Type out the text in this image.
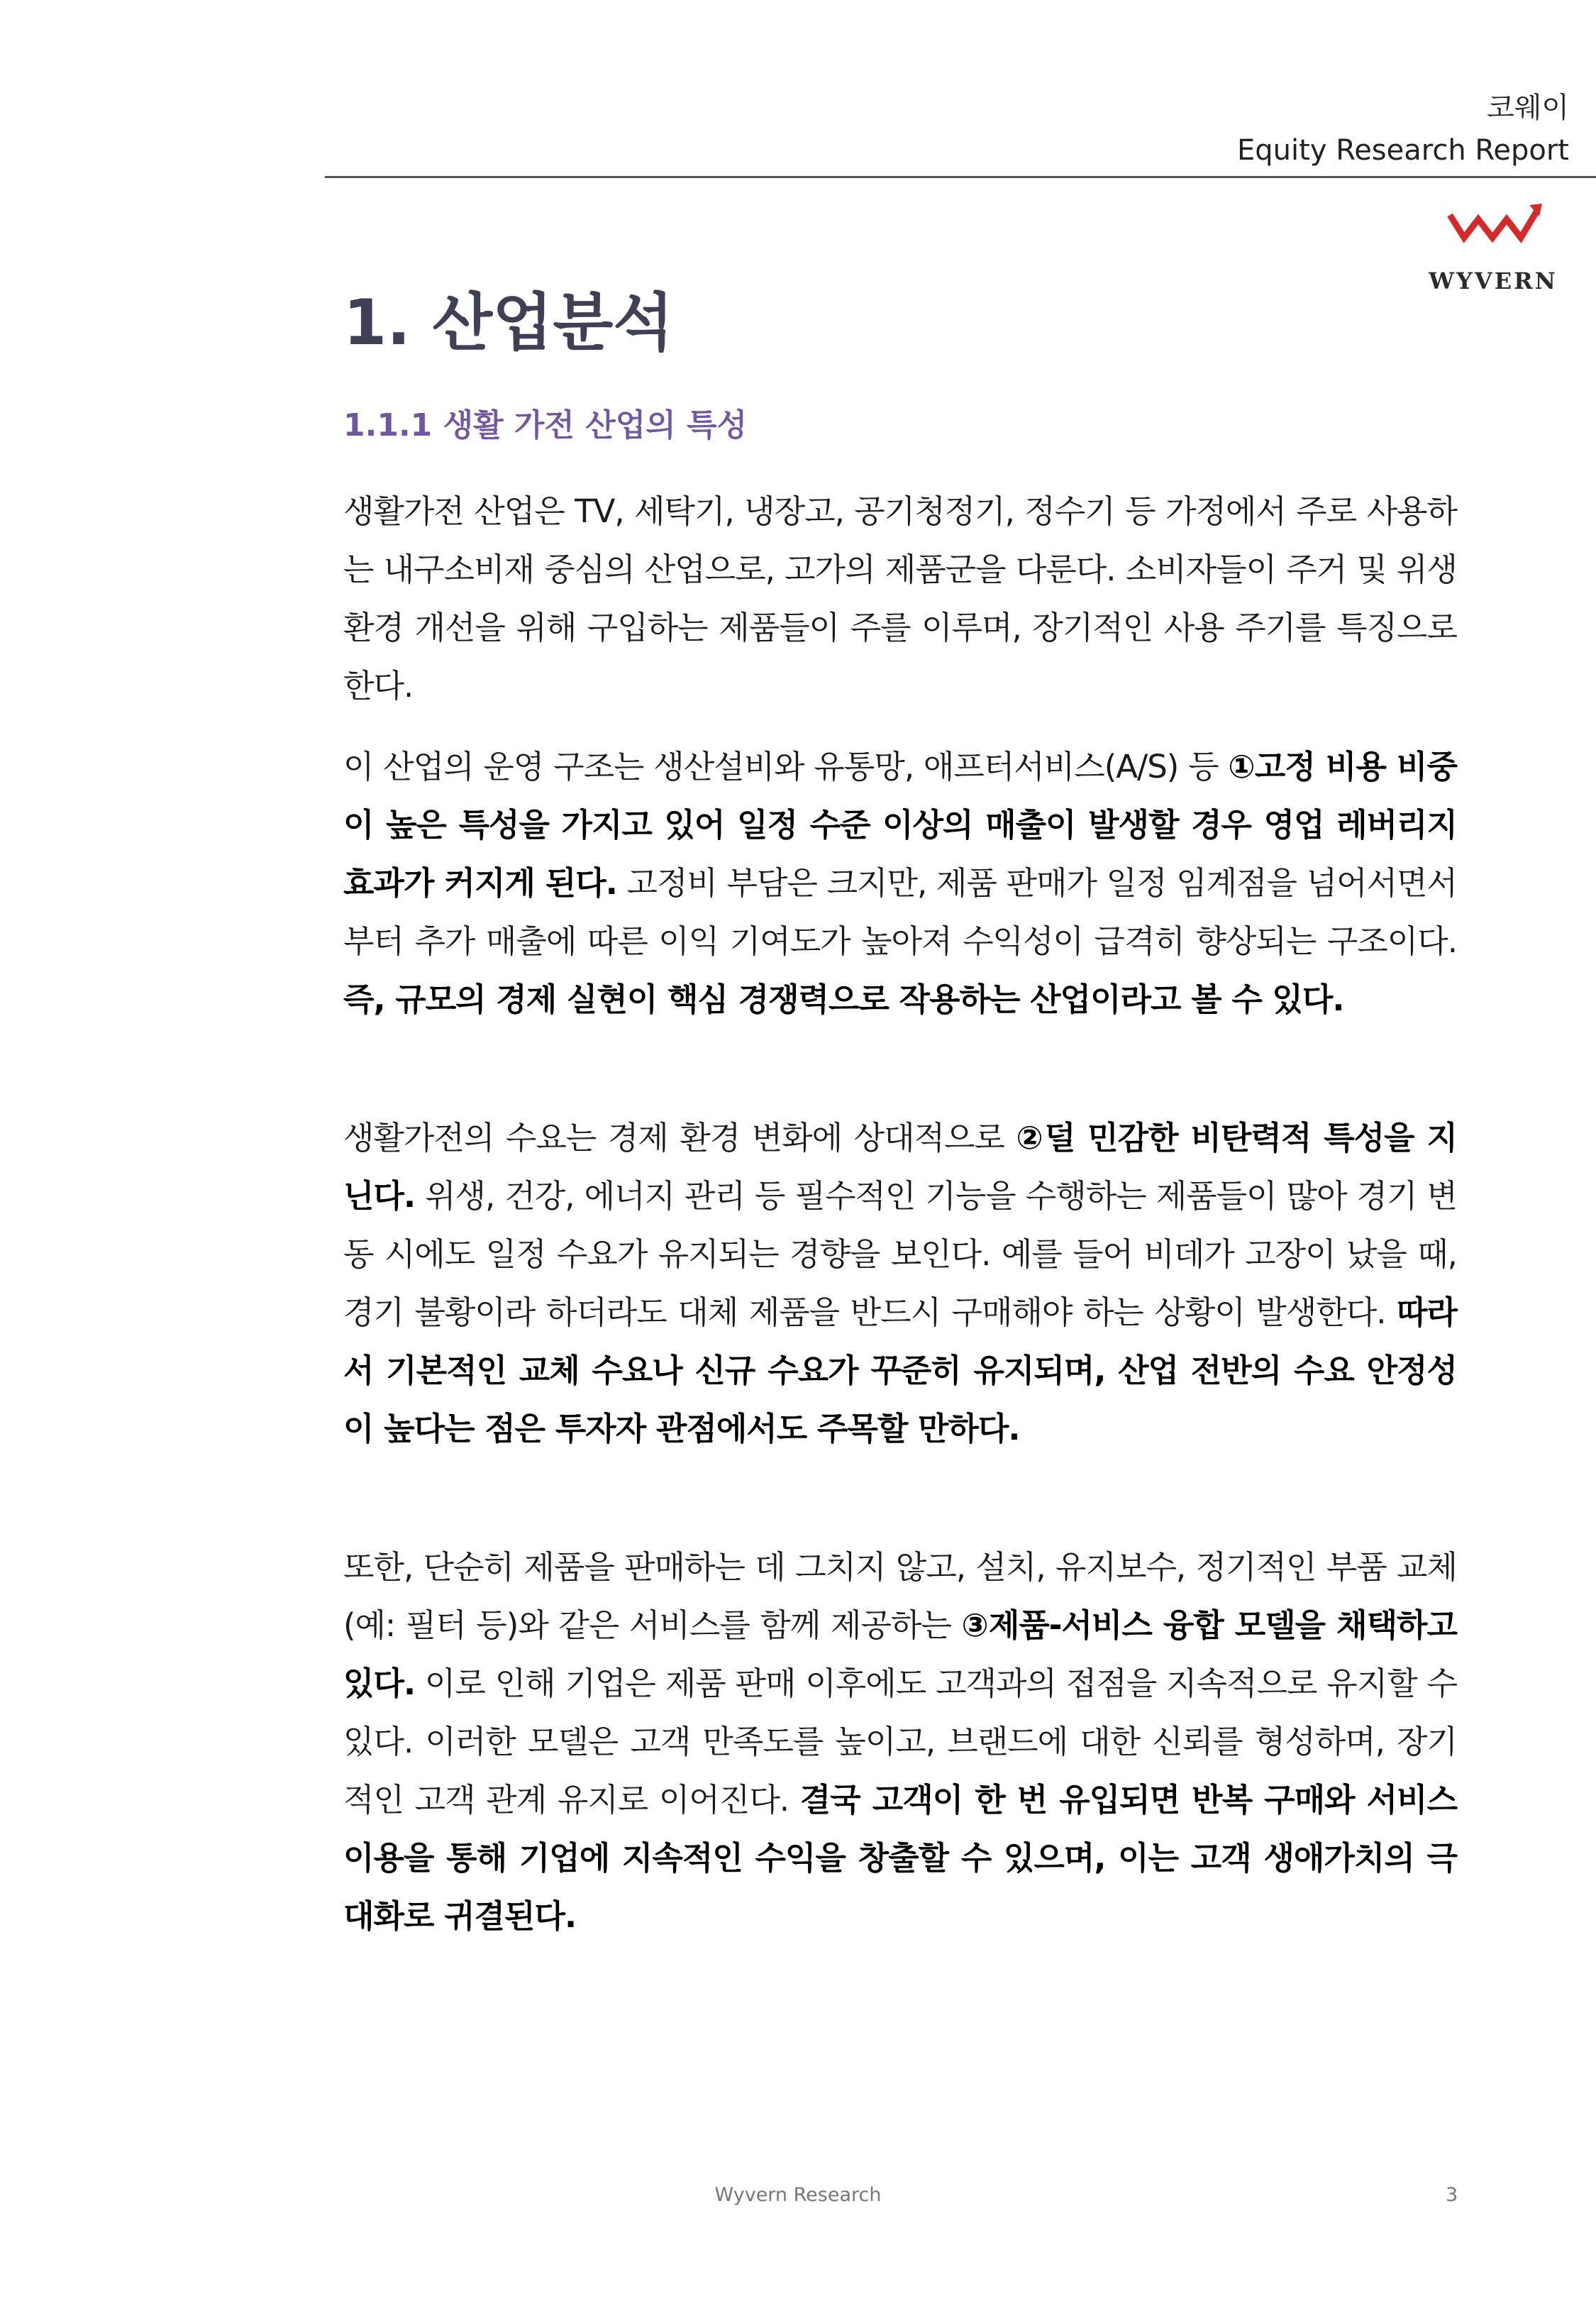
코웨이
Equity Research Report
WYVERN
1. 산업분석
1.1.1 생활 가전 산업의 특성

생활가전 산업은 TV, 세탁기, 냉장고, 공기청정기, 정수기 등 가정에서 주로 사용하는 내구소비재 중심의 산업으로, 고가의 제품군을 다룬다. 소비자들이 주거 및 위생 환경 개선을 위해 구입하는 제품들이 주를 이루며, 장기적인 사용 주기를 특징으로 한다.

이 산업의 운영 구조는 생산설비와 유통망, 애프터서비스(A/S) 등 ①고정 비용 비중이 높은 특성을 가지고 있어 일정 수준 이상의 매출이 발생할 경우 영업 레버리지 효과가 커지게 된다. 고정비 부담은 크지만, 제품 판매가 일정 임계점을 넘어서면서부터 추가 매출에 따른 이익 기여도가 높아져 수익성이 급격히 향상되는 구조이다. 즉, 규모의 경제 실현이 핵심 경쟁력으로 작용하는 산업이라고 볼 수 있다.

생활가전의 수요는 경제 환경 변화에 상대적으로 ②덜 민감한 비탄력적 특성을 지닌다. 위생, 건강, 에너지 관리 등 필수적인 기능을 수행하는 제품들이 많아 경기 변동 시에도 일정 수요가 유지되는 경향을 보인다. 예를 들어 비데가 고장이 났을 때, 경기 불황이라 하더라도 대체 제품을 반드시 구매해야 하는 상황이 발생한다. 따라서 기본적인 교체 수요나 신규 수요가 꾸준히 유지되며, 산업 전반의 수요 안정성이 높다는 점은 투자자 관점에서도 주목할 만하다.

또한, 단순히 제품을 판매하는 데 그치지 않고, 설치, 유지보수, 정기적인 부품 교체(예: 필터 등)와 같은 서비스를 함께 제공하는 ③제품-서비스 융합 모델을 채택하고 있다. 이로 인해 기업은 제품 판매 이후에도 고객과의 접점을 지속적으로 유지할 수 있다. 이러한 모델은 고객 만족도를 높이고, 브랜드에 대한 신뢰를 형성하며, 장기적인 고객 관계 유지로 이어진다. 결국 고객이 한 번 유입되면 반복 구매와 서비스 이용을 통해 기업에 지속적인 수익을 창출할 수 있으며, 이는 고객 생애가치의 극대화로 귀결된다.

Wyvern Research	3
